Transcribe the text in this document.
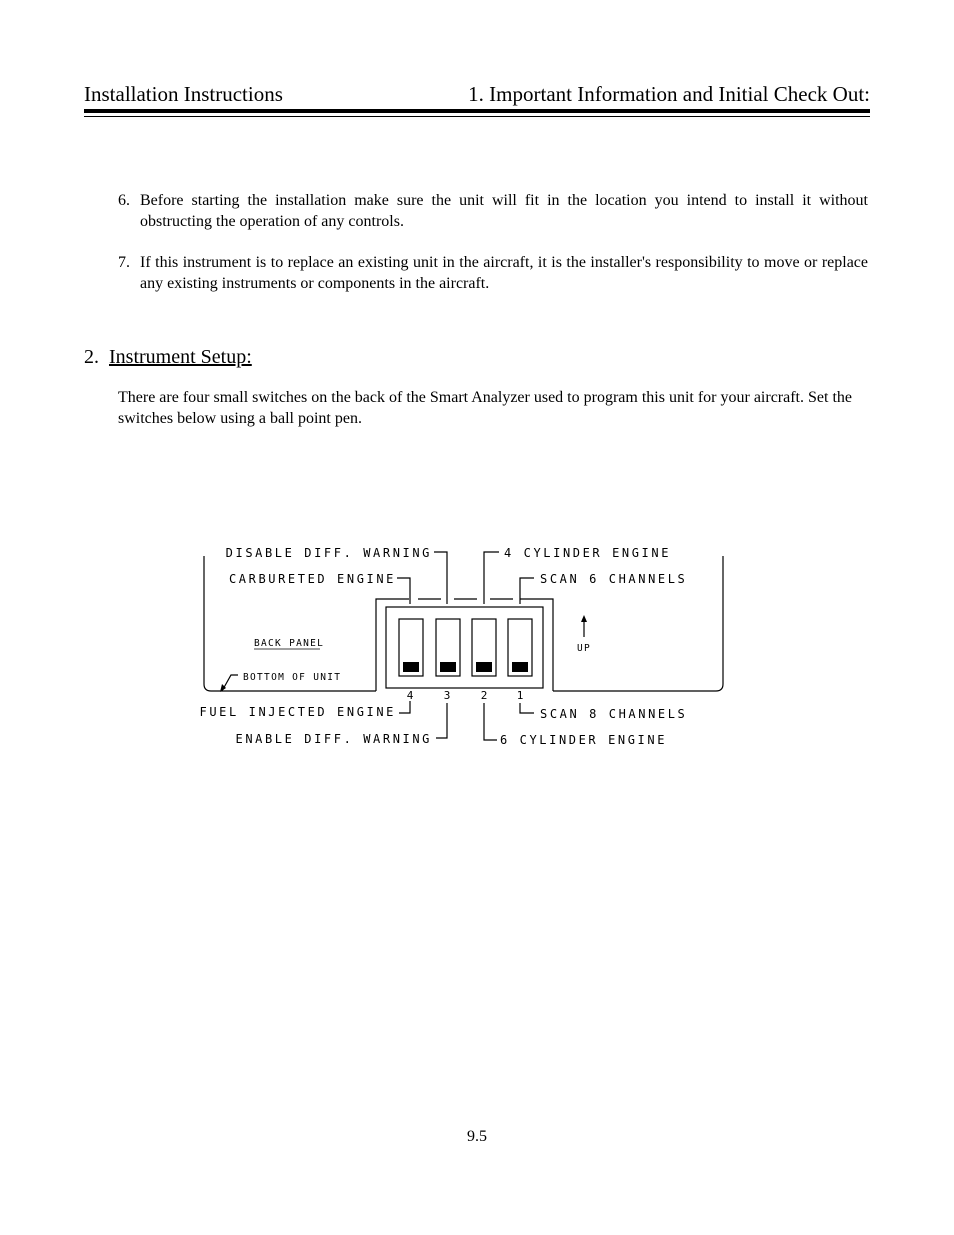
Installation Instructions	1. Important Information and Initial Check Out:
6. Before starting the installation make sure the unit will fit in the location you intend to install it without obstructing the operation of any controls.
7. If this instrument is to replace an existing unit in the aircraft, it is the installer's responsibility to move or replace any existing instruments or components in the aircraft.
2. Instrument Setup:
There are four small switches on the back of the Smart Analyzer used to program this unit for your aircraft. Set the switches below using a ball point pen.
DISABLE DIFF. WARNING	4 CYLINDER ENGINE
CARBURETED ENGINE	SCAN 6 CHANNELS
BACK PANEL
BOTTOM OF UNIT
UP
4	3	2	1
FUEL INJECTED ENGINE	SCAN 8 CHANNELS
ENABLE DIFF. WARNING	6 CYLINDER ENGINE
9.5
